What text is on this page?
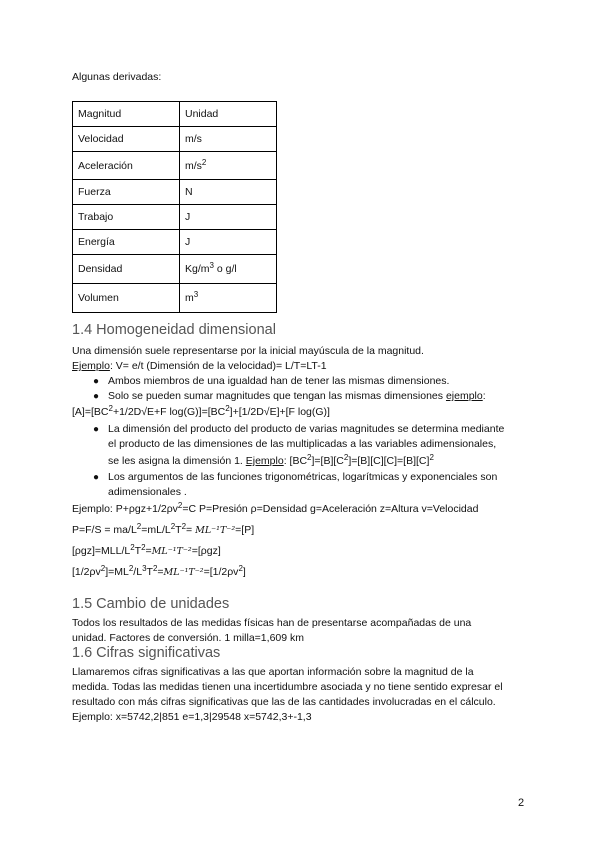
Algunas derivadas:
Magnitud	Unidad
Velocidad	m/s
Aceleración	$m/s^2$
Fuerza	N
Trabajo	J
Energía	J
Densidad	$Kg/m^3$ o g/l
Volumen	$m^3$
1.4 Homogeneidad dimensional
Una dimensión suele representarse por la inicial mayúscula de la magnitud.
Ejemplo: V= e/t (Dimensión de la velocidad)= L/T=LT-1
● Ambos miembros de una igualdad han de tener las mismas dimensiones.
● Solo se pueden sumar magnitudes que tengan las mismas dimensiones ejemplo:
$[A]=[BC^2+1/2D√E+F$ $\log(G)]=[BC^2]+[1/2D√E]+[F$ log(G)]
● La dimensión del producto del producto de varias magnitudes se determina mediante
el producto de las dimensiones de las multiplicadas a las variables adimensionales,
se les asigna la dimensión 1. Ejemplo: $[BC^2]=[B][C^2]=[B][C][C]=[B][C]^2$
● Los argumentos de las funciones trigonométricas, logarítmicas y exponenciales son
adimensionales .
Ejemplo: $P+\rho gz+1/2\rho v^2=C$ P=Presión ρ=Densidad g=Aceleración z=Altura v=Velocidad
$P=F/S = ma/L^2=mL/L^2T^2= ML^{-1}T^{-2}=[P]$
$[\rho gz]=MLL/L^2T^2=ML^{-1}T^{-2}=[\rho gz]$
$[1/2\rho v^2]=ML^2/L^3T^2=ML^{-1}T^{-2}=[1/2\rho v^2]$
1.5 Cambio de unidades
Todos los resultados de las medidas físicas han de presentarse acompañadas de una
unidad. Factores de conversión. 1 milla=1,609 km
1.6 Cifras significativas
Llamaremos cifras significativas a las que aportan información sobre la magnitud de la
medida. Todas las medidas tienen una incertidumbre asociada y no tiene sentido expresar el
resultado con más cifras significativas que las de las cantidades involucradas en el cálculo.
Ejemplo: x=5742,2|851 e=1,3|29548 x=5742,3+-1,3
2
